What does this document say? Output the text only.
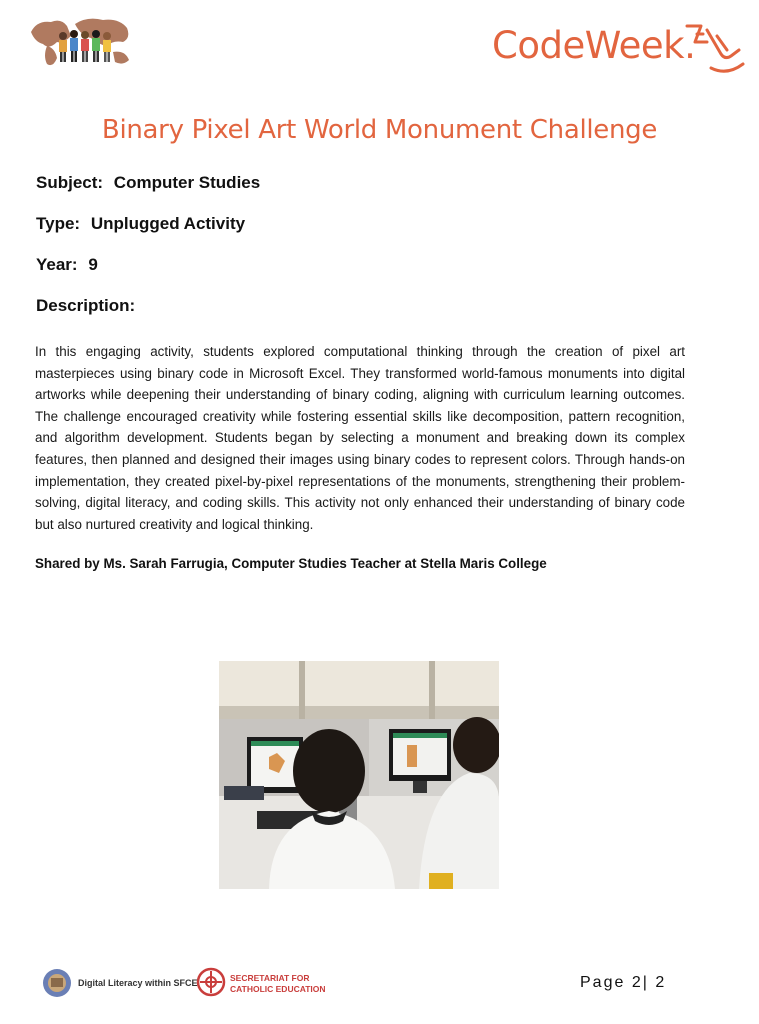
CodeWeek.
Binary Pixel Art World Monument Challenge
Subject: Computer Studies
Type: Unplugged Activity
Year: 9
Description:
In this engaging activity, students explored computational thinking through the creation of pixel art masterpieces using binary code in Microsoft Excel. They transformed world-famous monuments into digital artworks while deepening their understanding of binary coding, aligning with curriculum learning outcomes. The challenge encouraged creativity while fostering essential skills like decomposition, pattern recognition, and algorithm development. Students began by selecting a monument and breaking down its complex features, then planned and designed their images using binary codes to represent colors. Through hands-on implementation, they created pixel-by-pixel representations of the monuments, strengthening their problem-solving, digital literacy, and coding skills. This activity not only enhanced their understanding of binary code but also nurtured creativity and logical thinking.
Shared by Ms. Sarah Farrugia, Computer Studies Teacher at Stella Maris College
Digital Literacy within SFCE	SECRETARIAT FOR
CATHOLIC EDUCATION	Page 2| 2
